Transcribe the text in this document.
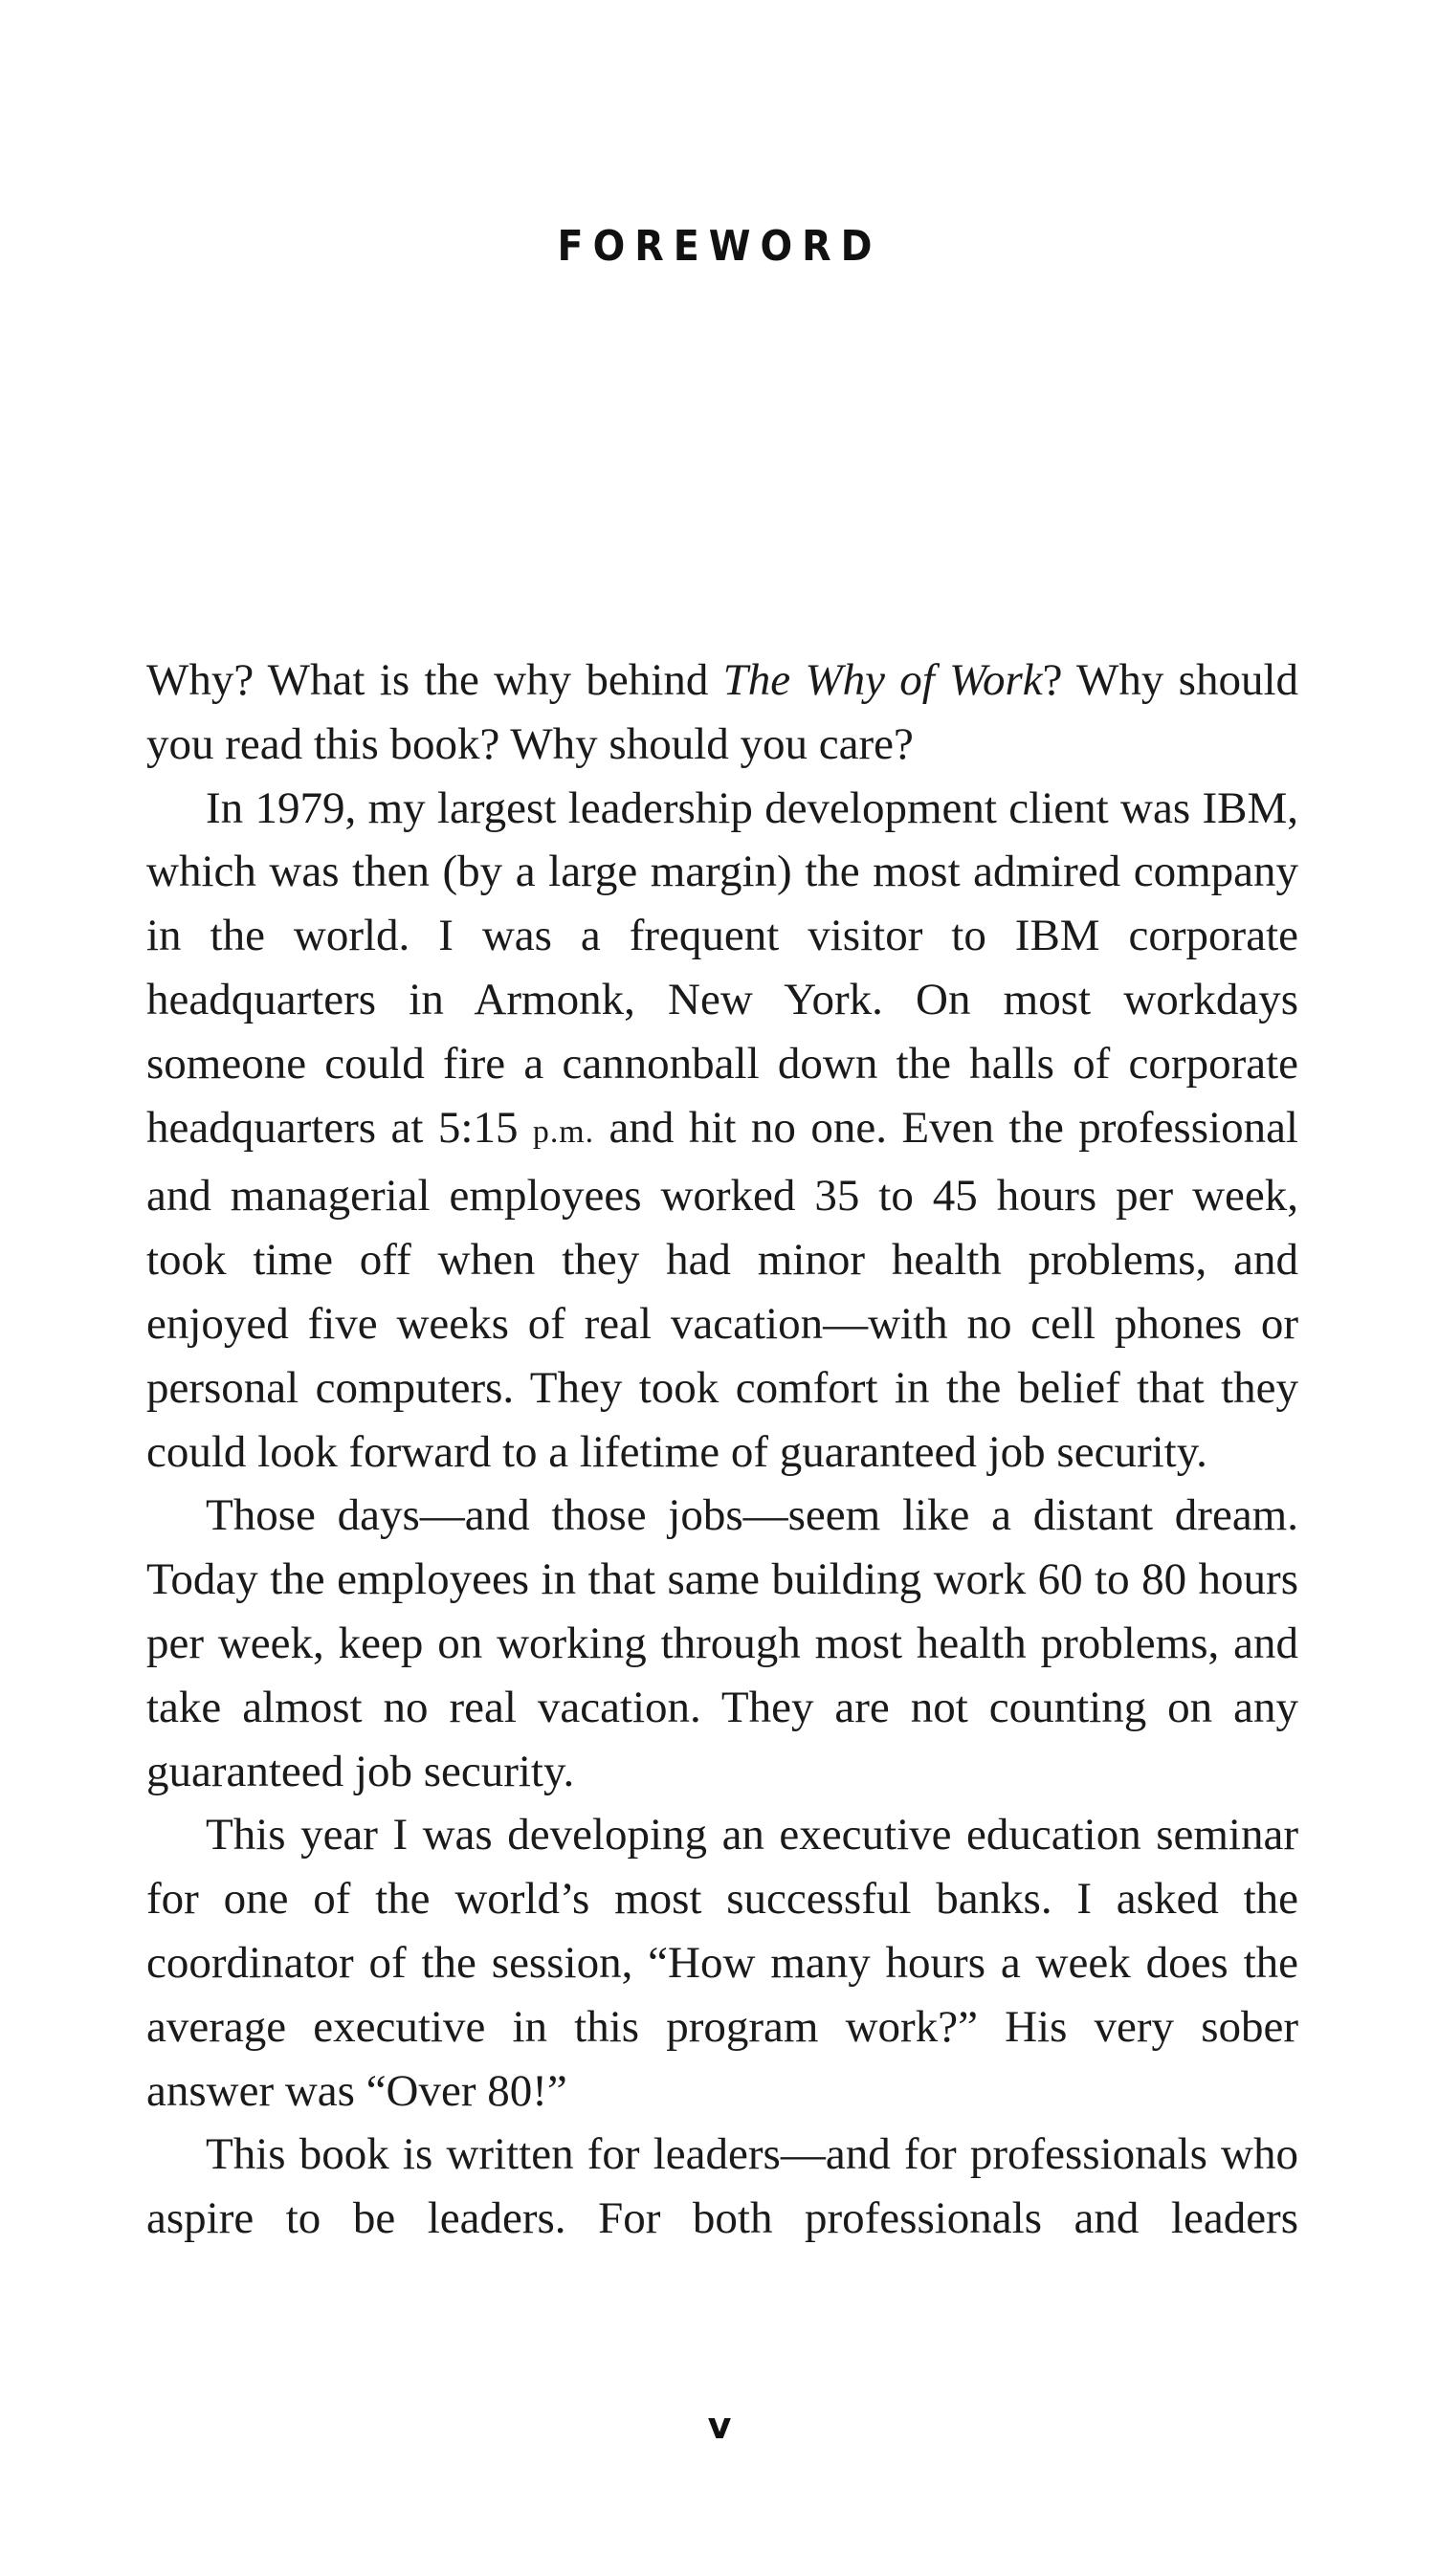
FOREWORD

Why? What is the why behind The Why of Work? Why should you read this book? Why should you care?

In 1979, my largest leadership development client was IBM, which was then (by a large margin) the most admired company in the world. I was a frequent visitor to IBM corporate headquarters in Armonk, New York. On most workdays someone could fire a cannonball down the halls of corporate headquarters at 5:15 p.m. and hit no one. Even the professional and managerial employees worked 35 to 45 hours per week, took time off when they had minor health problems, and enjoyed five weeks of real vacation—with no cell phones or personal computers. They took comfort in the belief that they could look forward to a lifetime of guaranteed job security.

Those days—and those jobs—seem like a distant dream. Today the employees in that same building work 60 to 80 hours per week, keep on working through most health problems, and take almost no real vacation. They are not counting on any guaranteed job security.

This year I was developing an executive education seminar for one of the world’s most successful banks. I asked the coordinator of the session, “How many hours a week does the average executive in this program work?” His very sober answer was “Over 80!”

This book is written for leaders—and for professionals who aspire to be leaders. For both professionals and leaders

v
